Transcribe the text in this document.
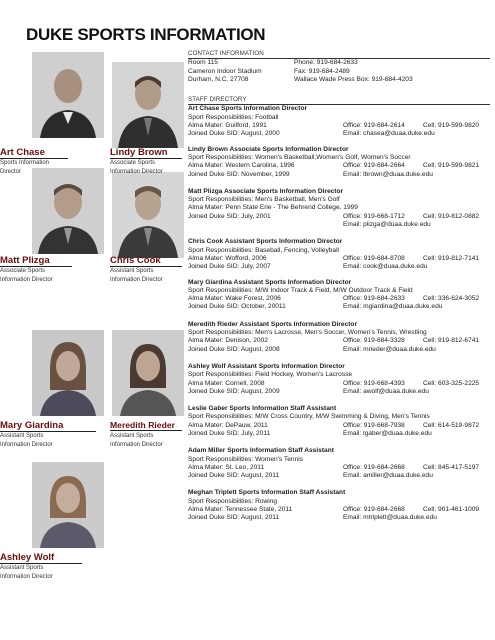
DUKE SPORTS INFORMATION
Art Chase
Sports Information
Director
Lindy Brown
Associate Sports
Information Director
Matt Plizga
Associate Sports
Information Director
Chris Cook
Assistant Sports
Information Director
Mary Giardina
Assistant Sports
Information Director
Meredith Rieder
Assistant Sports
Information Director
Ashley Wolf
Assistant Sports
Information Director
CONTACT INFORMATION
Room 115	Phone: 919-684-2633
Cameron Indoor Stadium	Fax: 919-684-2489
Durham, N.C. 27708	Wallace Wade Press Box: 919-684-4203
STAFF DIRECTORY
Art Chase Sports Information Director
Sport Responsibilities: Football
Alma Mater: Guilford, 1991	Office: 919-684-2614	Cell: 919-599-9820
Joined Duke SID: August, 2000	Email: chasea@duaa.duke.edu
Lindy Brown Associate Sports Information Director
Sport Responsibilities: Women's Basketball,Women's Golf, Women's Soccer
Alma Mater: Western Carolina, 1996	Office: 919-684-2664	Cell: 919-599-9821
Joined Duke SID: November, 1999	Email: lbrown@duaa.duke.edu
Matt Plizga Associate Sports Information Director
Sport Responsibilities: Men's Basketball, Men's Golf
Alma Mater: Penn State Erie - The Behrend College, 1999
Joined Duke SID: July, 2001	Office: 919-668-1712	Cell: 919-812-0882
Email: plizga@duaa.duke.edu
Chris Cook Assistant Sports Information Director
Sport Responsibilities: Baseball, Fencing, Volleyball
Alma Mater: Wofford, 2006	Office: 919-684-8708	Cell: 919-812-7141
Joined Duke SID: July, 2007	Email: cook@duaa.duke.edu
Mary Giardina Assistant Sports Information Director
Sport Responsibilities: M/W Indoor Track & Field, M/W Outdoor Track & Field
Alma Mater: Wake Forest, 2006	Office: 919-684-2633	Cell: 336-624-3052
Joined Duke SID: October, 20011	Email: mgiardina@duaa.duke.edu
Meredith Rieder Assistant Sports Information Director
Sport Responsibilities: Men's Lacrosse, Men's Soccer, Women's Tennis, Wrestling
Alma Mater: Denison, 2002	Office: 919-684-3328	Cell: 919-812-6741
Joined Duke SID: August, 2008	Email: mrieder@duaa.duke.edu
Ashley Wolf Assistant Sports Information Director
Sport Responsibilities: Field Hockey, Women's Lacrosse
Alma Mater: Cornell, 2008	Office: 919-668-4393	Cell: 603-325-2225
Joined Duke SID: August, 2009	Email: awolf@duaa.duke.edu
Leslie Gaber Sports Information Staff Assistant
Sport Responsibilities: M/W Cross Country, M/W Swimming & Diving, Men's Tennis
Alma Mater: DePauw, 2011	Office: 919-668-7938	Cell: 614-519-9872
Joined Duke SID: July, 2011	Email: lgaber@duaa.duke.edu
Adam Miller Sports Information Staff Assistant
Sport Responsibilities: Women's Tennis
Alma Mater: St. Leo, 2011	Office: 919-684-2668	Cell: 845-417-5197
Joined Duke SID: August, 2011	Email: amiller@duaa.duke.edu
Meghan Triplett Sports Information Staff Assistant
Sport Responsibilities: Rowing
Alma Mater: Tennessee State, 2011	Office: 919-684-2668	Cell: 901-461-1009
Joined Duke SID: August, 2011	Email: mtriplett@duaa.duke.edu
